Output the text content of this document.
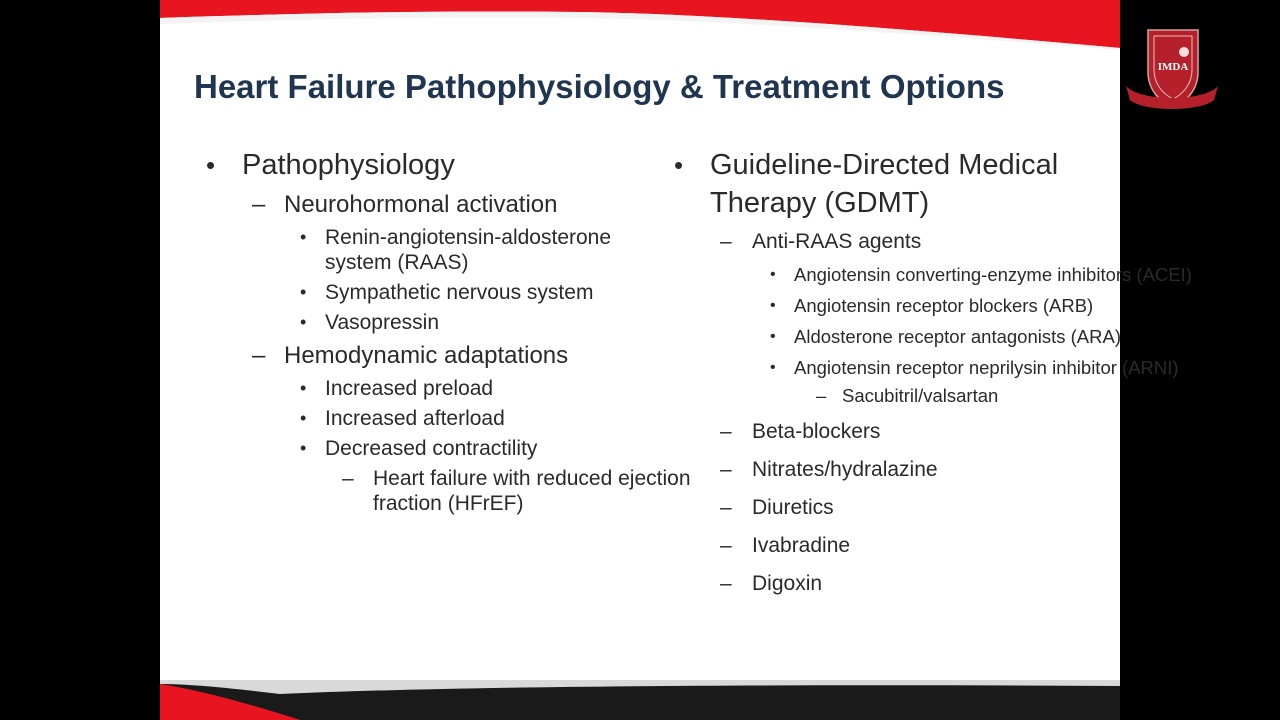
Heart Failure Pathophysiology & Treatment Options
• Pathophysiology
– Neurohormonal activation
• Renin-angiotensin-aldosterone system (RAAS)
• Sympathetic nervous system
• Vasopressin
– Hemodynamic adaptations
• Increased preload
• Increased afterload
• Decreased contractility
– Heart failure with reduced ejection fraction (HFrEF)
• Guideline-Directed Medical Therapy (GDMT)
– Anti-RAAS agents
• Angiotensin converting-enzyme inhibitors (ACEI)
• Angiotensin receptor blockers (ARB)
• Aldosterone receptor antagonists (ARA)
• Angiotensin receptor neprilysin inhibitor (ARNI)
– Sacubitril/valsartan
– Beta-blockers
– Nitrates/hydralazine
– Diuretics
– Ivabradine
– Digoxin
IMDA
